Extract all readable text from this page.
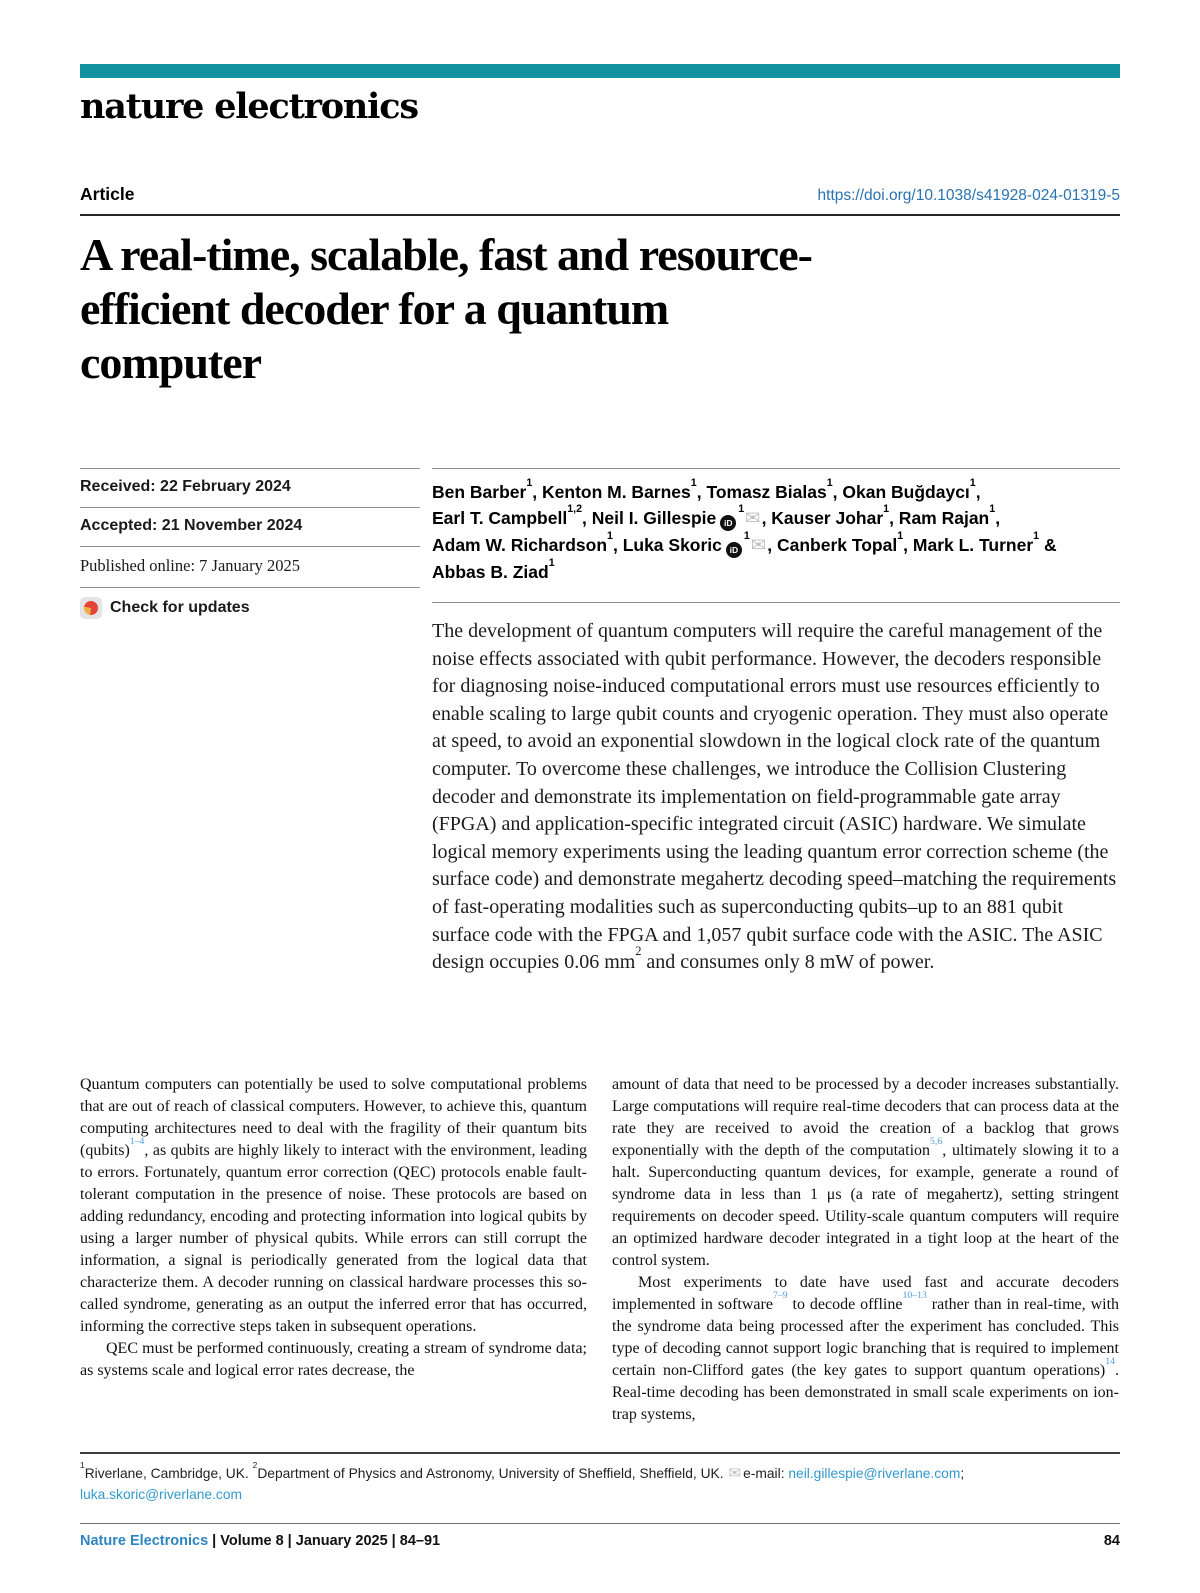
nature electronics
Article	https://doi.org/10.1038/s41928-024-01319-5
A real-time, scalable, fast and resource-
efficient decoder for a quantum
computer
Received: 22 February 2024
Accepted: 21 November 2024
Published online: 7 January 2025
Check for updates
Ben Barber$^1$, Kenton M. Barnes$^1$, Tomasz Bialas$^1$, Okan Buğdaycı$^1$,
Earl T. Campbell$^{1,2}$, Neil I. Gillespie $iD^1✉$, Kauser Johar$^1$, Ram Rajan$^1$,
Adam W. Richardson$^1$, Luka Skoric $iD^1✉$, Canberk Topal$^1$, Mark L. Turner$^1$ &
Abbas B. Ziad$^1$
The development of quantum computers will require the careful management of the noise effects associated with qubit performance. However, the decoders responsible for diagnosing noise-induced computational errors must use resources efficiently to enable scaling to large qubit counts and cryogenic operation. They must also operate at speed, to avoid an exponential slowdown in the logical clock rate of the quantum computer. To overcome these challenges, we introduce the Collision Clustering decoder and demonstrate its implementation on field-programmable gate array (FPGA) and application-specific integrated circuit (ASIC) hardware. We simulate logical memory experiments using the leading quantum error correction scheme (the surface code) and demonstrate megahertz decoding speed–matching the requirements of fast-operating modalities such as superconducting qubits–up to an 881 qubit surface code with the FPGA and 1,057 qubit surface code with the ASIC. The ASIC design occupies 0.06 $mm^2$ and consumes only 8 mW of power.

Quantum computers can potentially be used to solve computational problems that are out of reach of classical computers. However, to achieve this, quantum computing architectures need to deal with the fragility of their quantum bits (qubits)$^{1-4}$, as qubits are highly likely to interact with the environment, leading to errors. Fortunately, quantum error correction (QEC) protocols enable fault-tolerant computation in the presence of noise. These protocols are based on adding redundancy, encoding and protecting information into logical qubits by using a larger number of physical qubits. While errors can still corrupt the information, a signal is periodically generated from the logical data that characterize them. A decoder running on classical hardware processes this so-called syndrome, generating as an output the inferred error that has occurred, informing the corrective steps taken in subsequent operations.

QEC must be performed continuously, creating a stream of syndrome data; as systems scale and logical error rates decrease, the

amount of data that need to be processed by a decoder increases substantially. Large computations will require real-time decoders that can process data at the rate they are received to avoid the creation of a backlog that grows exponentially with the depth of the computation$^{5,6}$, ultimately slowing it to a halt. Superconducting quantum devices, for example, generate a round of syndrome data in less than 1 μs (a rate of megahertz), setting stringent requirements on decoder speed. Utility-scale quantum computers will require an optimized hardware decoder integrated in a tight loop at the heart of the control system.

Most experiments to date have used fast and accurate decoders implemented in software$^{7-9}$ to decode offline$^{10-13}$ rather than in real-time, with the syndrome data being processed after the experiment has concluded. This type of decoding cannot support logic branching that is required to implement certain non-Clifford gates (the key gates to support quantum operations)$^{14}$. Real-time decoding has been demonstrated in small scale experiments on ion-trap systems,

$^1$Riverlane, Cambridge, UK. $^2$Department of Physics and Astronomy, University of Sheffield, Sheffield, UK. ✉ e-mail: neil.gillespie@riverlane.com;
luka.skoric@riverlane.com
Nature Electronics | Volume 8 | January 2025 | 84–91	84
